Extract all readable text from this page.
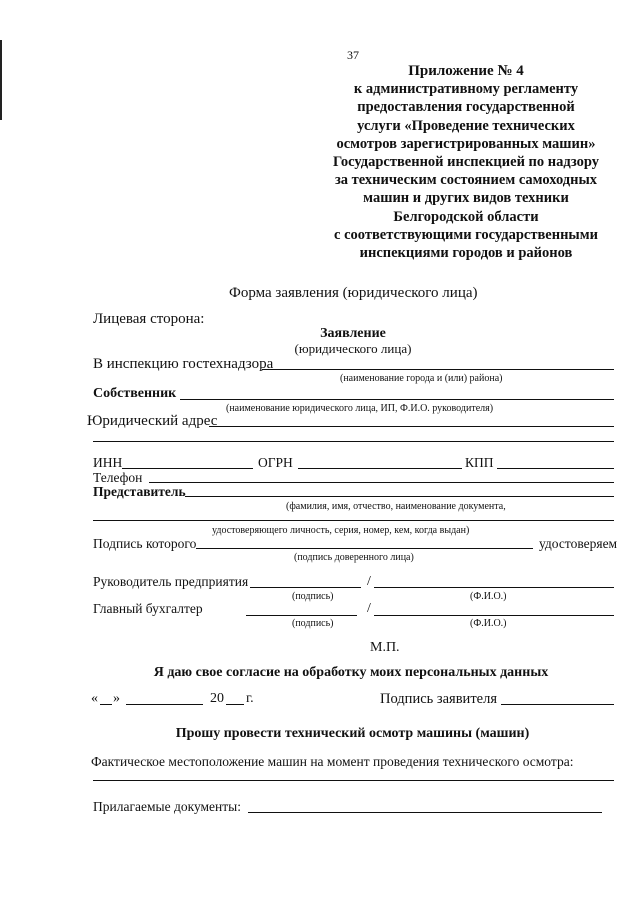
37
Приложение № 4
к административному регламенту
предоставления государственной
услуги «Проведение технических
осмотров зарегистрированных машин»
Государственной инспекцией по надзору
за техническим состоянием самоходных
машин и других видов техники
Белгородской области
с соответствующими государственными
инспекциями городов и районов
Форма заявления (юридического лица)
Лицевая сторона:
Заявление
(юридического лица)
В инспекцию гостехнадзора
(наименование города и (или) района)
Собственник
(наименование юридического лица, ИП, Ф.И.О. руководителя)
Юридический адрес
ИНН	ОГРН	КПП
Телефон
Представитель
(фамилия, имя, отчество, наименование документа,
удостоверяющего личность, серия, номер, кем, когда выдан)
Подпись которого	удостоверяем
(подпись доверенного лица)
Руководитель предприятия	/
(подпись)	(Ф.И.О.)
Главный бухгалтер	/
(подпись)	(Ф.И.О.)
М.П.
Я даю свое согласие на обработку моих персональных данных
« »	20 г.	Подпись заявителя
Прошу провести технический осмотр машины (машин)
Фактическое местоположение машин на момент проведения технического осмотра:
Прилагаемые документы:
